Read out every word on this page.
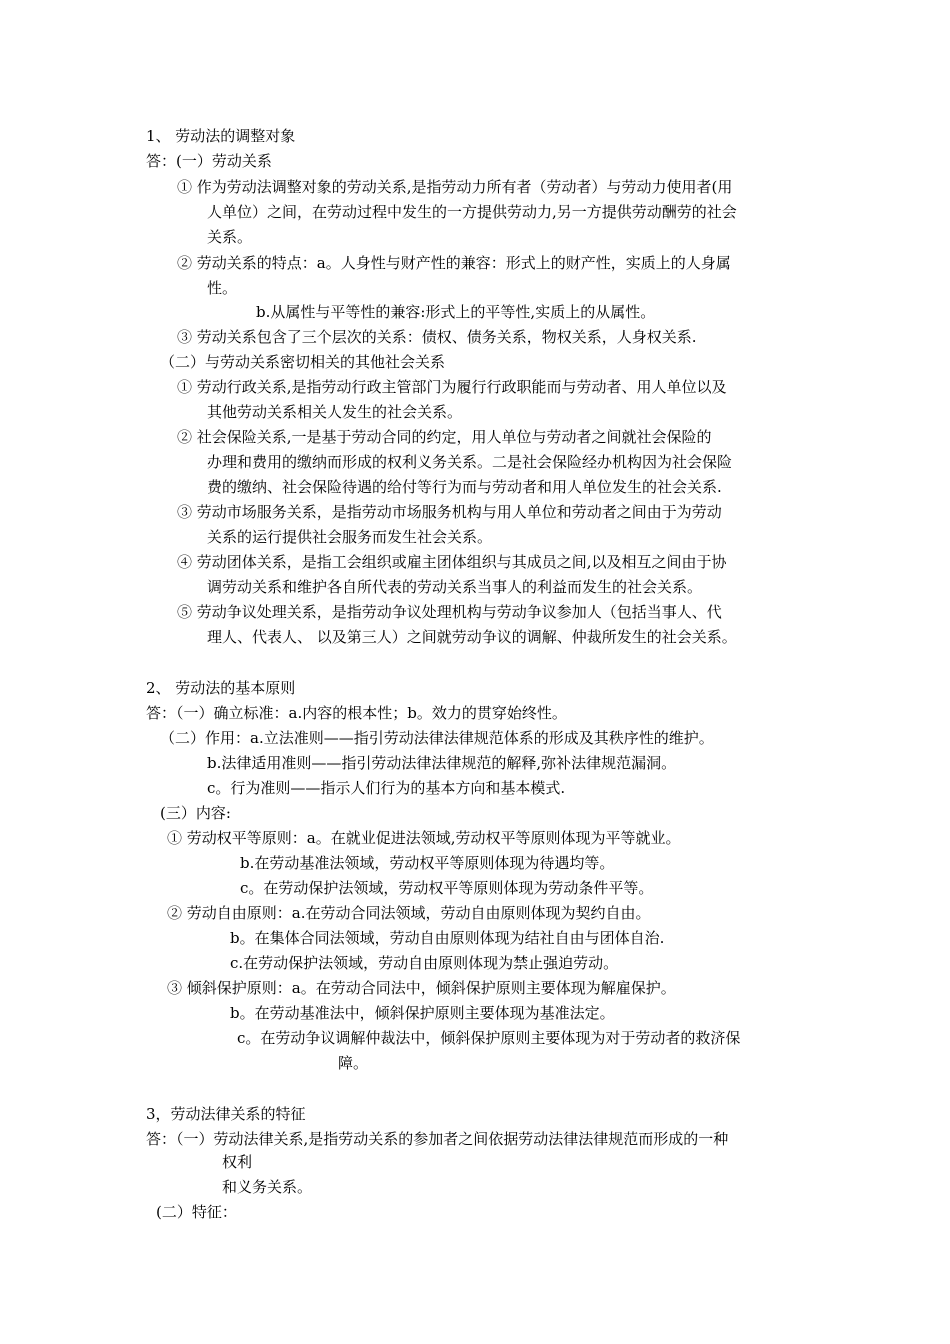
1、 劳动法的调整对象
答：(一）劳动关系
① 作为劳动法调整对象的劳动关系,是指劳动力所有者（劳动者）与劳动力使用者(用
人单位）之间，在劳动过程中发生的一方提供劳动力,另一方提供劳动酬劳的社会
关系。
② 劳动关系的特点：a。人身性与财产性的兼容：形式上的财产性，实质上的人身属
性。
b.从属性与平等性的兼容:形式上的平等性,实质上的从属性。
③ 劳动关系包含了三个层次的关系：债权、债务关系，物权关系，人身权关系.
（二）与劳动关系密切相关的其他社会关系
① 劳动行政关系,是指劳动行政主管部门为履行行政职能而与劳动者、用人单位以及
其他劳动关系相关人发生的社会关系。
② 社会保险关系,一是基于劳动合同的约定，用人单位与劳动者之间就社会保险的
办理和费用的缴纳而形成的权利义务关系。二是社会保险经办机构因为社会保险
费的缴纳、社会保险待遇的给付等行为而与劳动者和用人单位发生的社会关系.
③ 劳动市场服务关系，是指劳动市场服务机构与用人单位和劳动者之间由于为劳动
关系的运行提供社会服务而发生社会关系。
④ 劳动团体关系，是指工会组织或雇主团体组织与其成员之间,以及相互之间由于协
调劳动关系和维护各自所代表的劳动关系当事人的利益而发生的社会关系。
⑤ 劳动争议处理关系，是指劳动争议处理机构与劳动争议参加人（包括当事人、代
理人、代表人、 以及第三人）之间就劳动争议的调解、仲裁所发生的社会关系。
2、 劳动法的基本原则
答：（一）确立标准：a.内容的根本性；b。效力的贯穿始终性。
（二）作用：a.立法准则——指引劳动法律法律规范体系的形成及其秩序性的维护。
b.法律适用准则——指引劳动法律法律规范的解释,弥补法律规范漏洞。
c。行为准则——指示人们行为的基本方向和基本模式.
(三）内容:
① 劳动权平等原则：a。在就业促进法领域,劳动权平等原则体现为平等就业。
b.在劳动基准法领域，劳动权平等原则体现为待遇均等。
c。在劳动保护法领域，劳动权平等原则体现为劳动条件平等。
② 劳动自由原则：a.在劳动合同法领域，劳动自由原则体现为契约自由。
b。在集体合同法领域，劳动自由原则体现为结社自由与团体自治.
c.在劳动保护法领域，劳动自由原则体现为禁止强迫劳动。
③ 倾斜保护原则：a。在劳动合同法中，倾斜保护原则主要体现为解雇保护。
b。在劳动基准法中，倾斜保护原则主要体现为基准法定。
c。在劳动争议调解仲裁法中，倾斜保护原则主要体现为对于劳动者的救济保
障。
3，劳动法律关系的特征
答：（一）劳动法律关系,是指劳动关系的参加者之间依据劳动法律法律规范而形成的一种
权利
和义务关系。
(二）特征：
